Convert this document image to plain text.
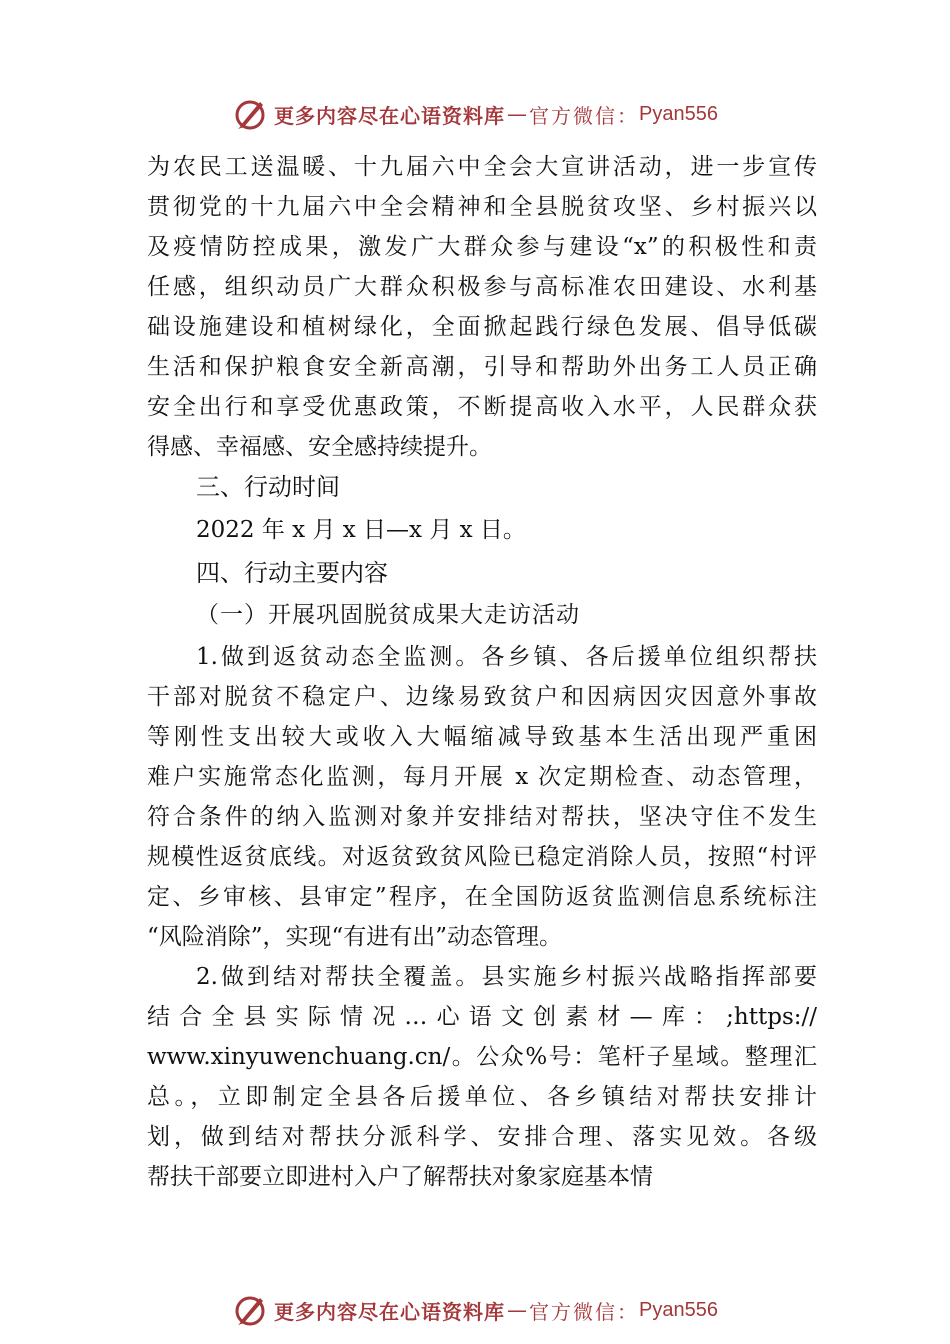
更多内容尽在心语资料库 — 官方微信： Pyan556
为农民工送温暖、十九届六中全会大宣讲活动，进一步宣传
贯彻党的十九届六中全会精神和全县脱贫攻坚、乡村振兴以
及疫情防控成果，激发广大群众参与建设“x”的积极性和责
任感，组织动员广大群众积极参与高标准农田建设、水利基
础设施建设和植树绿化，全面掀起践行绿色发展、倡导低碳
生活和保护粮食安全新高潮，引导和帮助外出务工人员正确
安全出行和享受优惠政策，不断提高收入水平，人民群众获
得感、幸福感、安全感持续提升。
三、行动时间
2022 年 x 月 x 日—x 月 x 日。
四、行动主要内容
（一）开展巩固脱贫成果大走访活动
1.做到返贫动态全监测。各乡镇、各后援单位组织帮扶
干部对脱贫不稳定户、边缘易致贫户和因病因灾因意外事故
等刚性支出较大或收入大幅缩减导致基本生活出现严重困
难户实施常态化监测，每月开展 x 次定期检查、动态管理，
符合条件的纳入监测对象并安排结对帮扶，坚决守住不发生
规模性返贫底线。对返贫致贫风险已稳定消除人员，按照“村评
定、乡审核、县审定”程序，在全国防返贫监测信息系统标注
“风险消除”，实现“有进有出”动态管理。
2.做到结对帮扶全覆盖。县实施乡村振兴战略指挥部要
结合全县实际情况…心语文创素材—库：;https://
www.xinyuwenchuang.cn/。公众%号：笔杆子星域。整理汇
总。，立即制定全县各后援单位、各乡镇结对帮扶安排计
划，做到结对帮扶分派科学、安排合理、落实见效。各级
帮扶干部要立即进村入户了解帮扶对象家庭基本情
更多内容尽在心语资料库 — 官方微信： Pyan556
